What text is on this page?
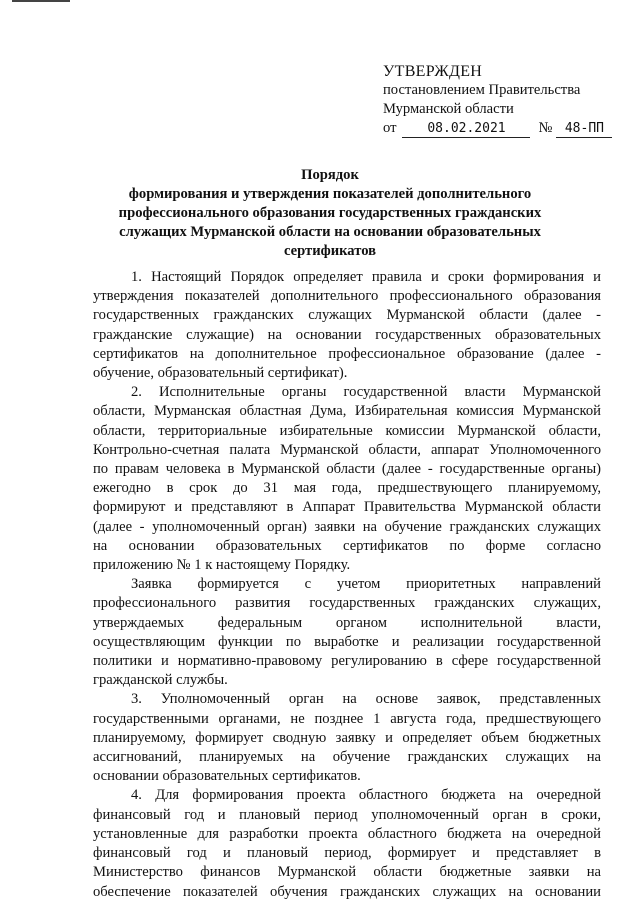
УТВЕРЖДЕН
постановлением Правительства
Мурманской области
от 08.02.2021 № 48-ПП
Порядок
формирования и утверждения показателей дополнительного
профессионального образования государственных гражданских
служащих Мурманской области на основании образовательных
сертификатов
1. Настоящий Порядок определяет правила и сроки формирования и
утверждения показателей дополнительного профессионального образования
государственных гражданских служащих Мурманской области (далее -
гражданские служащие) на основании государственных образовательных
сертификатов на дополнительное профессиональное образование (далее -
обучение, образовательный сертификат).
2. Исполнительные органы государственной власти Мурманской
области, Мурманская областная Дума, Избирательная комиссия Мурманской
области, территориальные избирательные комиссии Мурманской области,
Контрольно-счетная палата Мурманской области, аппарат Уполномоченного
по правам человека в Мурманской области (далее - государственные органы)
ежегодно в срок до 31 мая года, предшествующего планируемому,
формируют и представляют в Аппарат Правительства Мурманской области
(далее - уполномоченный орган) заявки на обучение гражданских служащих
на основании образовательных сертификатов по форме согласно
приложению № 1 к настоящему Порядку.
Заявка формируется с учетом приоритетных направлений
профессионального развития государственных гражданских служащих,
утверждаемых федеральным органом исполнительной власти,
осуществляющим функции по выработке и реализации государственной
политики и нормативно-правовому регулированию в сфере государственной
гражданской службы.
3. Уполномоченный орган на основе заявок, представленных
государственными органами, не позднее 1 августа года, предшествующего
планируемому, формирует сводную заявку и определяет объем бюджетных
ассигнований, планируемых на обучение гражданских служащих на
основании образовательных сертификатов.
4. Для формирования проекта областного бюджета на очередной
финансовый год и плановый период уполномоченный орган в сроки,
установленные для разработки проекта областного бюджета на очередной
финансовый год и плановый период, формирует и представляет в
Министерство финансов Мурманской области бюджетные заявки на
обеспечение показателей обучения гражданских служащих на основании
